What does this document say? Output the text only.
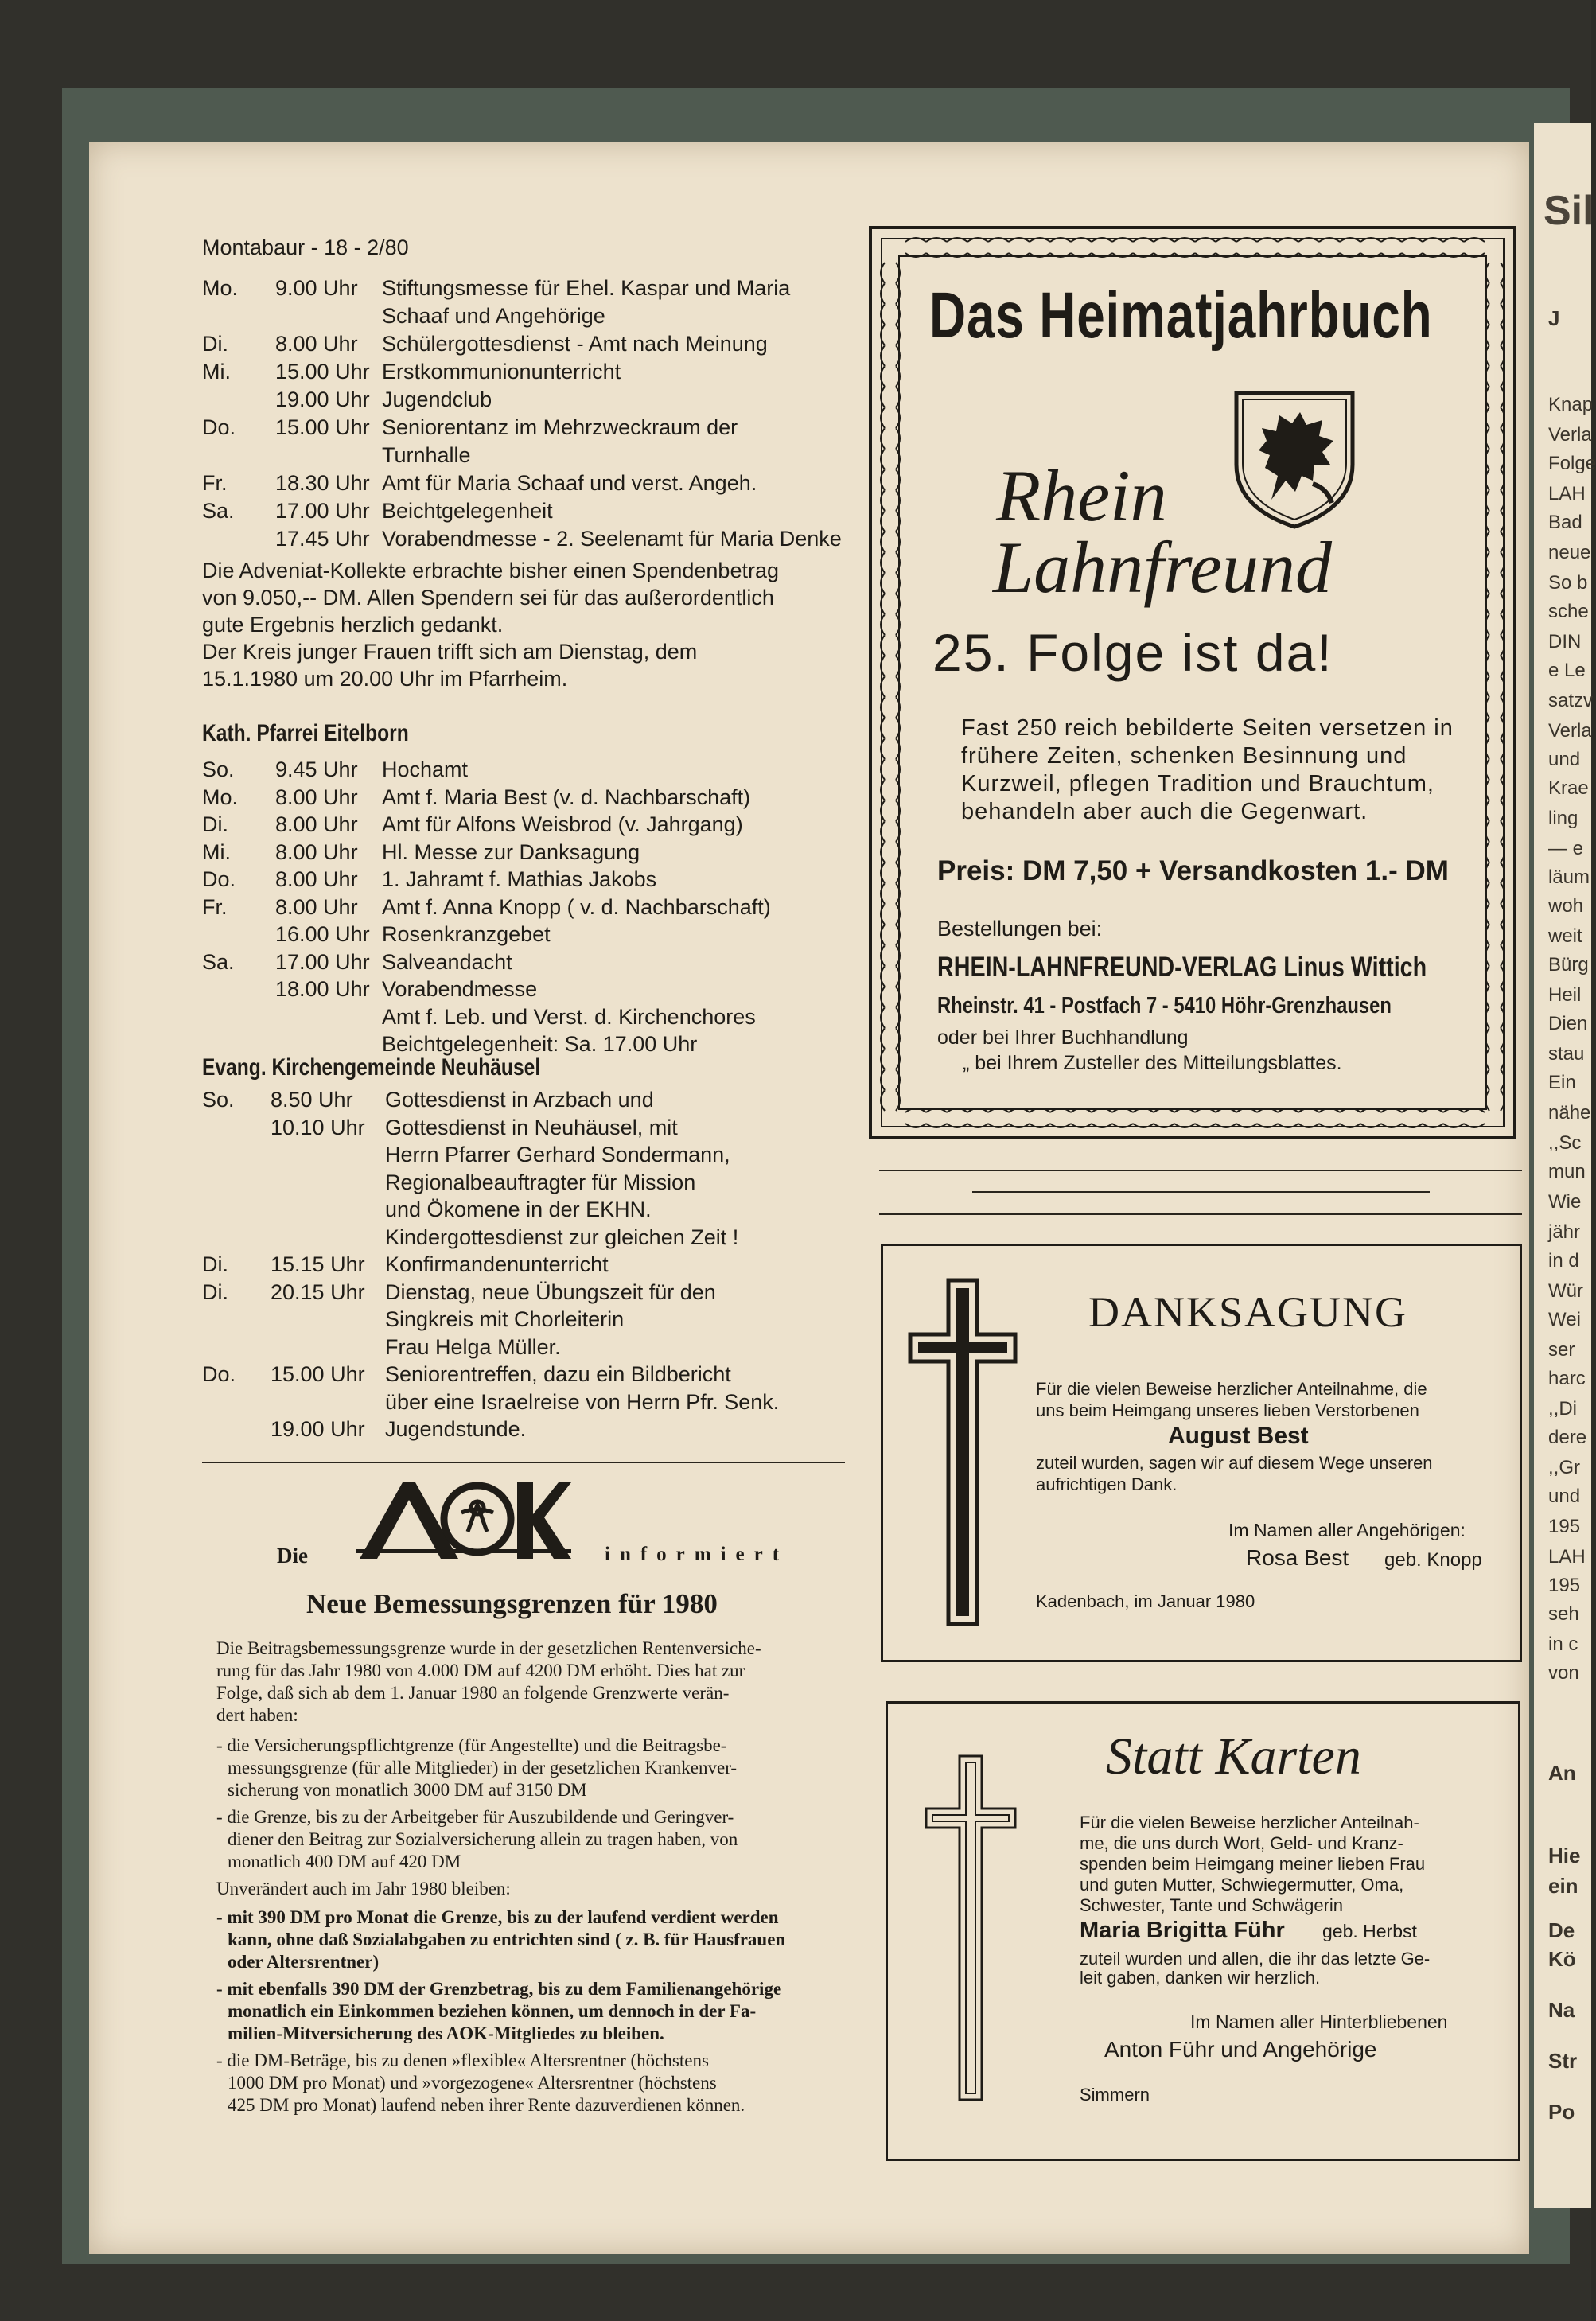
Sil
J
Knap
Verla
Folge
LAH
Bad
neue
So b
sche
DIN
e Le
satzv
Verla
und
Krae
ling
— e
läum
woh
weit
Bürg
Heil
Dien
stau
Ein
nähe
,,Sc
mun
Wie
jähr
in d
Wür
Wei
ser
harc
,,Di
dere
,,Gr
und
195
LAH
195
seh
in c
von
An
Hie
ein
De
Kö
Na
Str
Po
Montabaur - 18 - 2/80
Mo.	9.00 Uhr Stiftungsmesse für Ehel. Kaspar und Maria
Schaaf und Angehörige
Di.	8.00 Uhr Schülergottesdienst - Amt nach Meinung
Mi.	15.00 Uhr Erstkommunionunterricht
19.00 Uhr Jugendclub
Do.	15.00 Uhr Seniorentanz im Mehrzweckraum der
Turnhalle
Fr.	18.30 Uhr Amt für Maria Schaaf und verst. Angeh.
Sa.	17.00 Uhr Beichtgelegenheit
17.45 Uhr Vorabendmesse - 2. Seelenamt für Maria Denke
Die Adveniat-Kollekte erbrachte bisher einen Spendenbetrag
von 9.050,-- DM. Allen Spendern sei für das außerordentlich
gute Ergebnis herzlich gedankt.
Der Kreis junger Frauen trifft sich am Dienstag, dem
15.1.1980 um 20.00 Uhr im Pfarrheim.
Kath. Pfarrei Eitelborn
So.	9.45 Uhr Hochamt
Mo.	8.00 Uhr Amt f. Maria Best (v. d. Nachbarschaft)
Di.	8.00 Uhr Amt für Alfons Weisbrod (v. Jahrgang)
Mi.	8.00 Uhr Hl. Messe zur Danksagung
Do.	8.00 Uhr 1. Jahramt f. Mathias Jakobs
Fr.	8.00 Uhr Amt f. Anna Knopp ( v. d. Nachbarschaft)
16.00 Uhr Rosenkranzgebet
Sa.	17.00 Uhr Salveandacht
18.00 Uhr Vorabendmesse
Amt f. Leb. und Verst. d. Kirchenchores
Beichtgelegenheit: Sa. 17.00 Uhr
Evang. Kirchengemeinde Neuhäusel
So.	8.50 Uhr Gottesdienst in Arzbach und
10.10 Uhr Gottesdienst in Neuhäusel, mit
Herrn Pfarrer Gerhard Sondermann,
Regionalbeauftragter für Mission
und Ökomene in der EKHN.
Kindergottesdienst zur gleichen Zeit !
Di.	15.15 Uhr Konfirmandenunterricht
Di.	20.15 Uhr Dienstag, neue Übungszeit für den
Singkreis mit Chorleiterin
Frau Helga Müller.
Do.	15.00 Uhr Seniorentreffen, dazu ein Bildbericht
über eine Israelreise von Herrn Pfr. Senk.
19.00 Uhr Jugendstunde.
Die	informiert
Neue Bemessungsgrenzen für 1980
Die Beitragsbemessungsgrenze wurde in der gesetzlichen Rentenversiche-
rung für das Jahr 1980 von 4.000 DM auf 4200 DM erhöht. Dies hat zur
Folge, daß sich ab dem 1. Januar 1980 an folgende Grenzwerte verän-
dert haben:
- die Versicherungspflichtgrenze (für Angestellte) und die Beitragsbe-
messungsgrenze (für alle Mitglieder) in der gesetzlichen Krankenver-
sicherung von monatlich 3000 DM auf 3150 DM
- die Grenze, bis zu der Arbeitgeber für Auszubildende und Geringver-
diener den Beitrag zur Sozialversicherung allein zu tragen haben, von
monatlich 400 DM auf 420 DM
Unverändert auch im Jahr 1980 bleiben:
- mit 390 DM pro Monat die Grenze, bis zu der laufend verdient werden
kann, ohne daß Sozialabgaben zu entrichten sind ( z. B. für Hausfrauen
oder Altersrentner)
- mit ebenfalls 390 DM der Grenzbetrag, bis zu dem Familienangehörige
monatlich ein Einkommen beziehen können, um dennoch in der Fa-
milien-Mitversicherung des AOK-Mitgliedes zu bleiben.
- die DM-Beträge, bis zu denen »flexible« Altersrentner (höchstens
1000 DM pro Monat) und »vorgezogene« Altersrentner (höchstens
425 DM pro Monat) laufend neben ihrer Rente dazuverdienen können.
Das Heimatjahrbuch
Rhein
Lahnfreund
25. Folge ist da!
Fast 250 reich bebilderte Seiten versetzen in frühere Zeiten, schenken Besinnung und Kurzweil, pflegen Tradition und Brauchtum, behandeln aber auch die Gegenwart.
Preis: DM 7,50 + Versandkosten 1.- DM
Bestellungen bei:
RHEIN-LAHNFREUND-VERLAG Linus Wittich
Rheinstr. 41 - Postfach 7 - 5410 Höhr-Grenzhausen
oder bei Ihrer Buchhandlung
„ bei Ihrem Zusteller des Mitteilungsblattes.
DANKSAGUNG
Für die vielen Beweise herzlicher Anteilnahme, die
uns beim Heimgang unseres lieben Verstorbenen
August Best
zuteil wurden, sagen wir auf diesem Wege unseren
aufrichtigen Dank.
Im Namen aller Angehörigen:
Rosa Best geb. Knopp
Kadenbach, im Januar 1980
Statt Karten
Für die vielen Beweise herzlicher Anteilnah-
me, die uns durch Wort, Geld- und Kranz-
spenden beim Heimgang meiner lieben Frau
und guten Mutter, Schwiegermutter, Oma,
Schwester, Tante und Schwägerin
Maria Brigitta Führ geb. Herbst
zuteil wurden und allen, die ihr das letzte Ge-
leit gaben, danken wir herzlich.
Im Namen aller Hinterbliebenen
Anton Führ und Angehörige
Simmern
